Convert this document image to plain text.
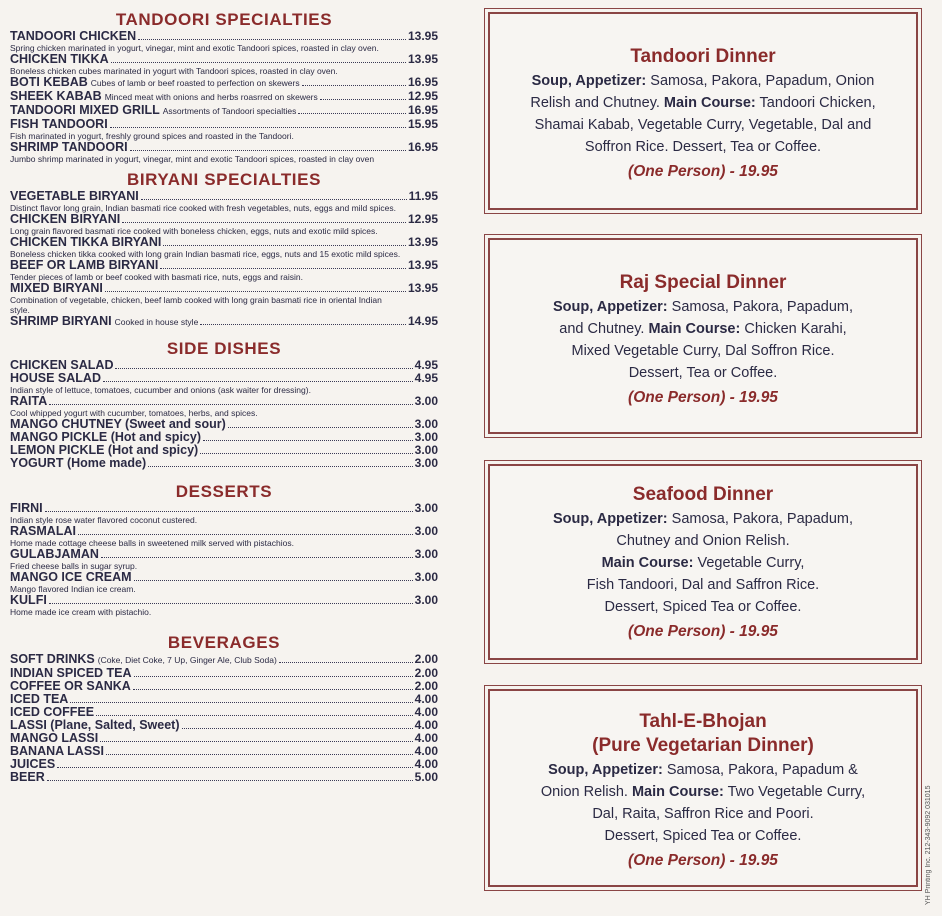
TANDOORI SPECIALTIES
TANDOORI CHICKEN	13.95
Spring chicken marinated in yogurt, vinegar, mint and exotic Tandoori spices, roasted in clay oven.
CHICKEN TIKKA	13.95
Boneless chicken cubes marinated in yogurt with Tandoori spices, roasted in clay oven.
BOTI KEBAB Cubes of lamb or beef roasted to perfection on skewers	16.95
SHEEK KABAB Minced meat with onions and herbs roasrred on skewers	12.95
TANDOORI MIXED GRILL Assortments of Tandoori specialties	16.95
FISH TANDOORI	15.95
Fish marinated in yogurt, freshly ground spices and roasted in the Tandoori.
SHRIMP TANDOORI	16.95
Jumbo shrimp marinated in yogurt, vinegar, mint and exotic Tandoori spices, roasted in clay oven
BIRYANI SPECIALTIES
VEGETABLE BIRYANI	11.95
Distinct flavor long grain, Indian basmati rice cooked with fresh vegetables, nuts, eggs and mild spices.
CHICKEN BIRYANI	12.95
Long grain flavored basmati rice cooked with boneless chicken, eggs, nuts and exotic mild spices.
CHICKEN TIKKA BIRYANI	13.95
Boneless chicken tikka cooked with long grain Indian basmati rice, eggs, nuts and 15 exotic mild spices.
BEEF OR LAMB BIRYANI	13.95
Tender pieces of lamb or beef cooked with basmati rice, nuts, eggs and raisin.
MIXED BIRYANI	13.95
Combination of vegetable, chicken, beef lamb cooked with long grain basmati rice in oriental Indian style.
SHRIMP BIRYANI Cooked in house style	14.95
SIDE DISHES
CHICKEN SALAD	4.95
HOUSE SALAD	4.95
Indian style of lettuce, tomatoes, cucumber and onions (ask waiter for dressing).
RAITA	3.00
Cool whipped yogurt with cucumber, tomatoes, herbs, and spices.
MANGO CHUTNEY (Sweet and sour)	3.00
MANGO PICKLE (Hot and spicy)	3.00
LEMON PICKLE (Hot and spicy)	3.00
YOGURT (Home made)	3.00
DESSERTS
FIRNI	3.00
Indian style rose water flavored coconut custered.
RASMALAI	3.00
Home made cottage cheese balls in sweetened milk served with pistachios.
GULABJAMAN	3.00
Fried cheese balls in sugar syrup.
MANGO ICE CREAM	3.00
Mango flavored Indian ice cream.
KULFI	3.00
Home made ice cream with pistachio.
BEVERAGES
SOFT DRINKS (Coke, Diet Coke, 7 Up, Ginger Ale, Club Soda)	2.00
INDIAN SPICED TEA	2.00
COFFEE OR SANKA	2.00
ICED TEA	4.00
ICED COFFEE	4.00
LASSI (Plane, Salted, Sweet)	4.00
MANGO LASSI	4.00
BANANA LASSI	4.00
JUICES	4.00
BEER	5.00
Tandoori Dinner
Soup, Appetizer: Samosa, Pakora, Papadum, Onion
Relish and Chutney. Main Course: Tandoori Chicken,
Shamai Kabab, Vegetable Curry, Vegetable, Dal and
Soffron Rice. Dessert, Tea or Coffee.
(One Person) - 19.95
Raj Special Dinner
Soup, Appetizer: Samosa, Pakora, Papadum,
and Chutney. Main Course: Chicken Karahi,
Mixed Vegetable Curry, Dal Soffron Rice.
Dessert, Tea or Coffee.
(One Person) - 19.95
Seafood Dinner
Soup, Appetizer: Samosa, Pakora, Papadum,
Chutney and Onion Relish.
Main Course: Vegetable Curry,
Fish Tandoori, Dal and Saffron Rice.
Dessert, Spiced Tea or Coffee.
(One Person) - 19.95
Tahl-E-Bhojan
(Pure Vegetarian Dinner)
Soup, Appetizer: Samosa, Pakora, Papadum &
Onion Relish. Main Course: Two Vegetable Curry,
Dal, Raita, Saffron Rice and Poori.
Dessert, Spiced Tea or Coffee.
(One Person) - 19.95	YH Printing Inc. 212-343-9092 031015
